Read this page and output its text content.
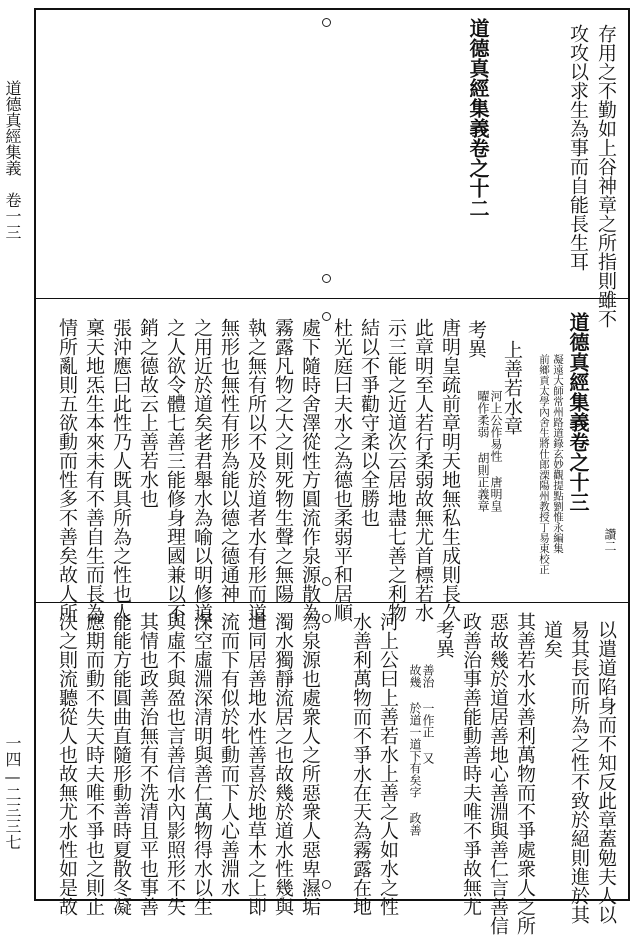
道德真經集義
卷一三
一四—二三三七
存用之不勤如上谷神章之所指則雖不
攻攻以求生為事而自能長生耳
道德真經集義卷之十二
道德真經集義卷之十三
讚二
凝遠大師常州路道錄玄妙觀提點劉惟永編集
前鄉貢太學內舍生將仕郎溧陽州教授丁易東校正
上善若水章
河上公作易性 唐明皇
曜作柔弱 胡則正義章
考異
唐明皇疏前章明天地無私生成則長久
此章明至人若行柔弱故無尤首標若水
示三能之近道次云居地盡七善之利物
結以不爭勸守柔以全勝也
杜光庭曰夫水之為德也柔弱平和居順
處下隨時舍澤從性方圓流作泉源散為
霧露凡物之大之則死物生聲之無陽
執之無有所以不及於道者水有形而道
無形也無性有形為能以德之德通神
之用近於道矣老君舉水為喻以明修道
之人欲令體七善三能修身理國兼以不
銷之德故云上善若水也
張沖應曰此性乃人既具所為之性也人
稟天地炁生本來未有不善自生而長為
情所亂則五欲動而性多不善矣故人所
以遣道陷身而不知反此章蓋勉夫人以
易其長而所為之性不致於絕則進於其
道矣
其善若水水善利萬物而不爭處衆人之所
惡故幾於道居善地心善淵與善仁言善信
政善治事善能動善時夫唯不爭故無尤
考異
善治 一作正 又
故幾 於道一道下有矣字 政善
河上公曰上善若水上善之人如水之性
水善利萬物而不爭水在天為霧露在地
為泉源也處衆人之所惡衆人惡卑濕垢
濁水獨靜流居之也故幾於道水性幾與
道同居善地水性善喜於地草木之上即
流而下有似於牝動而下人心善淵水
深空虛淵深清明與善仁萬物得水以生
與虛不與盈也言善信水內影照形不失
其情也政善治無有不洗清且平也事善
能能方能圓曲直隨形動善時夏散冬凝
應期而動不失天時夫唯不爭也之則止
決之則流聽從人也故無尤水性如是故
